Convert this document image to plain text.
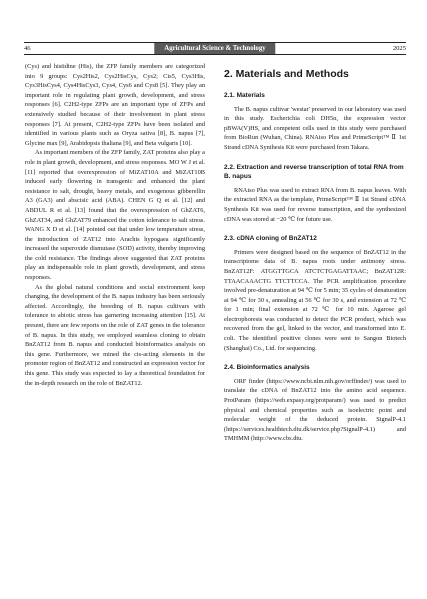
46	Agricultural Science & Technology	2025

(Cys) and histidine (His), the ZFP family members are categorized into 9 groups: Cys2His2, Cys2HisCys, Cys2; Cis5, Cys3His, Cys3HisCys4, Cys4HisCys3, Cys4, Cys6 and Cys8 [5]. They play an important role in regulating plant growth, development, and stress responses [6]. C2H2-type ZFPs are an important type of ZFPs and extensively studied because of their involvement in plant stress responses [7]. At present, C2H2-type ZFPs have been isolated and identified in various plants such as Oryza sativa [8], B. napus [7], Glycine max [9], Arabidopsis thaliana [9], and Beta vulgaris [10].

As important members of the ZFP family, ZAT proteins also play a role in plant growth, development, and stress responses. MO W J et al. [11] reported that overexpression of MiZAT10A and MiZAT10B induced early flowering in transgenic and enhanced the plant resistance to salt, drought, heavy metals, and exogenous gibberellin A3 (GA3) and abscisic acid (ABA). CHEN G Q et al. [12] and ABDUL R et al. [13] found that the overexpression of GhZAT6, GhZAT34, and GhZAT79 enhanced the cotton tolerance to salt stress. WANG X D et al. [14] pointed out that under low temperature stress, the introduction of ZAT12 into Arachis hypogaea significantly increased the superoxide dismutase (SOD) activity, thereby improving the cold resistance. The findings above suggested that ZAT proteins play an indispensable role in plant growth, development, and stress responses.

As the global natural conditions and social environment keep changing, the development of the B. napus industry has been seriously affected. Accordingly, the breeding of B. napus cultivars with tolerance to abiotic stress has garnering increasing attention [15]. At present, there are few reports on the role of ZAT genes in the tolerance of B. napus. In this study, we employed seamless cloning to obtain BnZAT12 from B. napus and conducted bioinformatics analysis on this gene. Furthermore, we mined the cis-acting elements in the promoter region of BnZAT12 and constructed an expression vector for this gene. This study was expected to lay a theoretical foundation for the in-depth research on the role of BnZAT12.

2. Materials and Methods
2.1. Materials

The B. napus cultivar 'westar' preserved in our laboratory was used in this study. Escherichia coli DH5α, the expression vector pBWA(V)HS, and competent cells used in this study were purchased from BioRun (Wuhan, China). RNAiso Plus and PrimeScript™ Ⅱ 1st Strand cDNA Synthesis Kit were purchased from Takara.

2.2. Extraction and reverse transcription of total RNA from B. napus

RNAiso Plus was used to extract RNA from B. napus leaves. With the extracted RNA as the template, PrimeScript™ Ⅱ 1st Strand cDNA Synthesis Kit was used for reverse transcription, and the synthesized cDNA was stored at −20 ℃ for future use.

2.3. cDNA cloning of BnZAT12

Primers were designed based on the sequence of BnZAT12 in the transcriptome data of B. napus roots under antimony stress. BnZAT12F: ATGGTTGCA ATCTCTGAGATTAAC; BnZAT12R: TTAACAAACTG TTCTTCCA. The PCR amplification procedure involved pre-denaturation at 94 ℃ for 5 min; 35 cycles of denaturation at 94 ℃ for 30 s, annealing at 56 ℃ for 30 s, and extension at 72 ℃ for 1 min; final extension at 72 ℃ for 10 min. Agarose gel electrophoresis was conducted to detect the PCR product, which was recovered from the gel, linked to the vector, and transformed into E. coli. The identified positive clones were sent to Sangon Biotech (Shanghai) Co., Ltd. for sequencing.

2.4. Bioinformatics analysis

ORF finder (https://www.ncbi.nlm.nih.gov/orffinder/) was used to translate the cDNA of BnZAT12 into the amino acid sequence. ProtParam (https://web.expasy.org/protparam/) was used to predict physical and chemical properties such as isoelectric point and molecular weight of the deduced protein. SignalP-4.1 (https://services.healthtech.dtu.dk/service.php?SignalP-4.1) and TMHMM (http://www.cbs.dtu.
